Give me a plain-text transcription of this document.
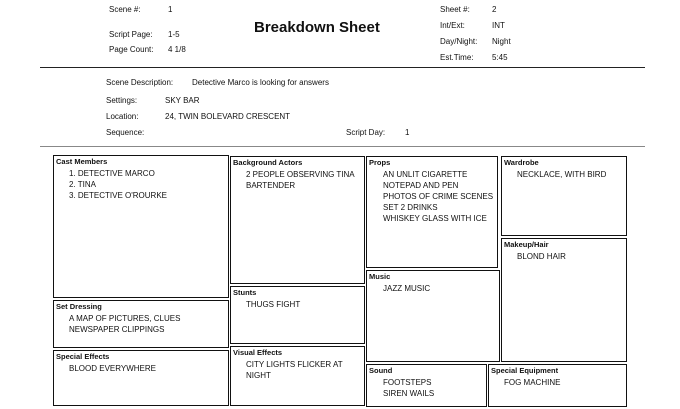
Scene #:	1
Script Page: 1-5
Page Count: 4 1/8
Breakdown Sheet
Sheet #:	2
Int/Ext:	INT
Day/Night: Night
Est.Time: 5:45
Scene Description: Detective Marco is looking for answers
Settings:	SKY BAR
Location:	24, TWIN BOLEVARD CRESCENT
Sequence:	Script Day: 1
Cast Members
1. DETECTIVE MARCO
2. TINA
3. DETECTIVE O'ROURKE
Background Actors
2 PEOPLE OBSERVING TINA
BARTENDER
Props
AN UNLIT CIGARETTE
NOTEPAD AND PEN
PHOTOS OF CRIME SCENES
SET 2 DRINKS
WHISKEY GLASS WITH ICE
Wardrobe
NECKLACE, WITH BIRD
Makeup/Hair
BLOND HAIR
Music
JAZZ MUSIC
Stunts
THUGS FIGHT
Set Dressing
A MAP OF PICTURES, CLUES
NEWSPAPER CLIPPINGS
Special Effects
BLOOD EVERYWHERE
Visual Effects
CITY LIGHTS FLICKER AT
NIGHT
Sound
FOOTSTEPS
SIREN WAILS
Special Equipment
FOG MACHINE
